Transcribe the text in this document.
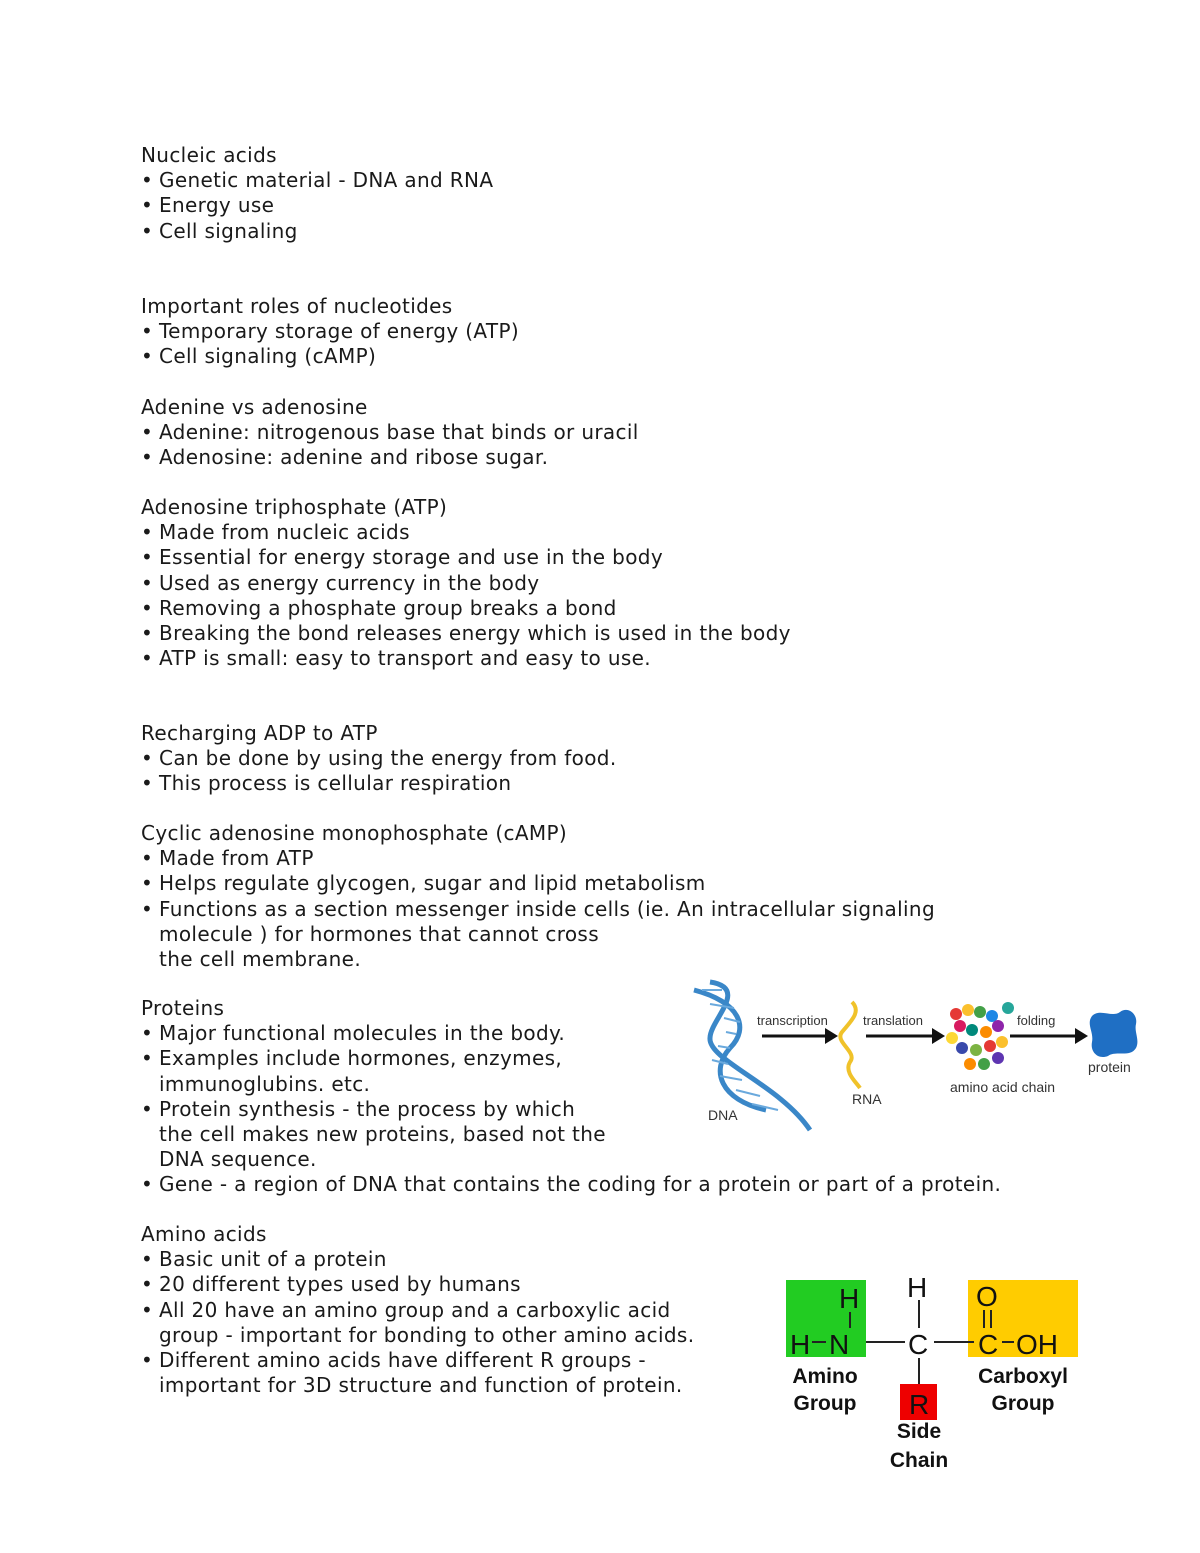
Nucleic acids
• Genetic material - DNA and RNA
• Energy use
• Cell signaling
Important roles of nucleotides
• Temporary storage of energy (ATP)
• Cell signaling (cAMP)
Adenine vs adenosine
• Adenine: nitrogenous base that binds or uracil
• Adenosine: adenine and ribose sugar.
Adenosine triphosphate (ATP)
• Made from nucleic acids
• Essential for energy storage and use in the body
• Used as energy currency in the body
• Removing a phosphate group breaks a bond
• Breaking the bond releases energy which is used in the body
• ATP is small: easy to transport and easy to use.
Recharging ADP to ATP
• Can be done by using the energy from food.
• This process is cellular respiration
Cyclic adenosine monophosphate (cAMP)
• Made from ATP
• Helps regulate glycogen, sugar and lipid metabolism
• Functions as a section messenger inside cells (ie. An intracellular signaling
molecule ) for hormones that cannot cross
the cell membrane.
Proteins
• Major functional molecules in the body.
• Examples include hormones, enzymes,
immunoglubins. etc.
• Protein synthesis - the process by which
the cell makes new proteins, based not the
DNA sequence.
• Gene - a region of DNA that contains the coding for a protein or part of a protein.
Amino acids
• Basic unit of a protein
• 20 different types used by humans
• All 20 have an amino group and a carboxylic acid
group - important for bonding to other amino acids.
• Different amino acids have different R groups -
important for 3D structure and function of protein.
DNA
transcription
RNA
translation
amino acid chain
folding
protein
H
H
H N C
O
C OH
R
Amino
Group
Carboxyl
Group
Side
Chain
